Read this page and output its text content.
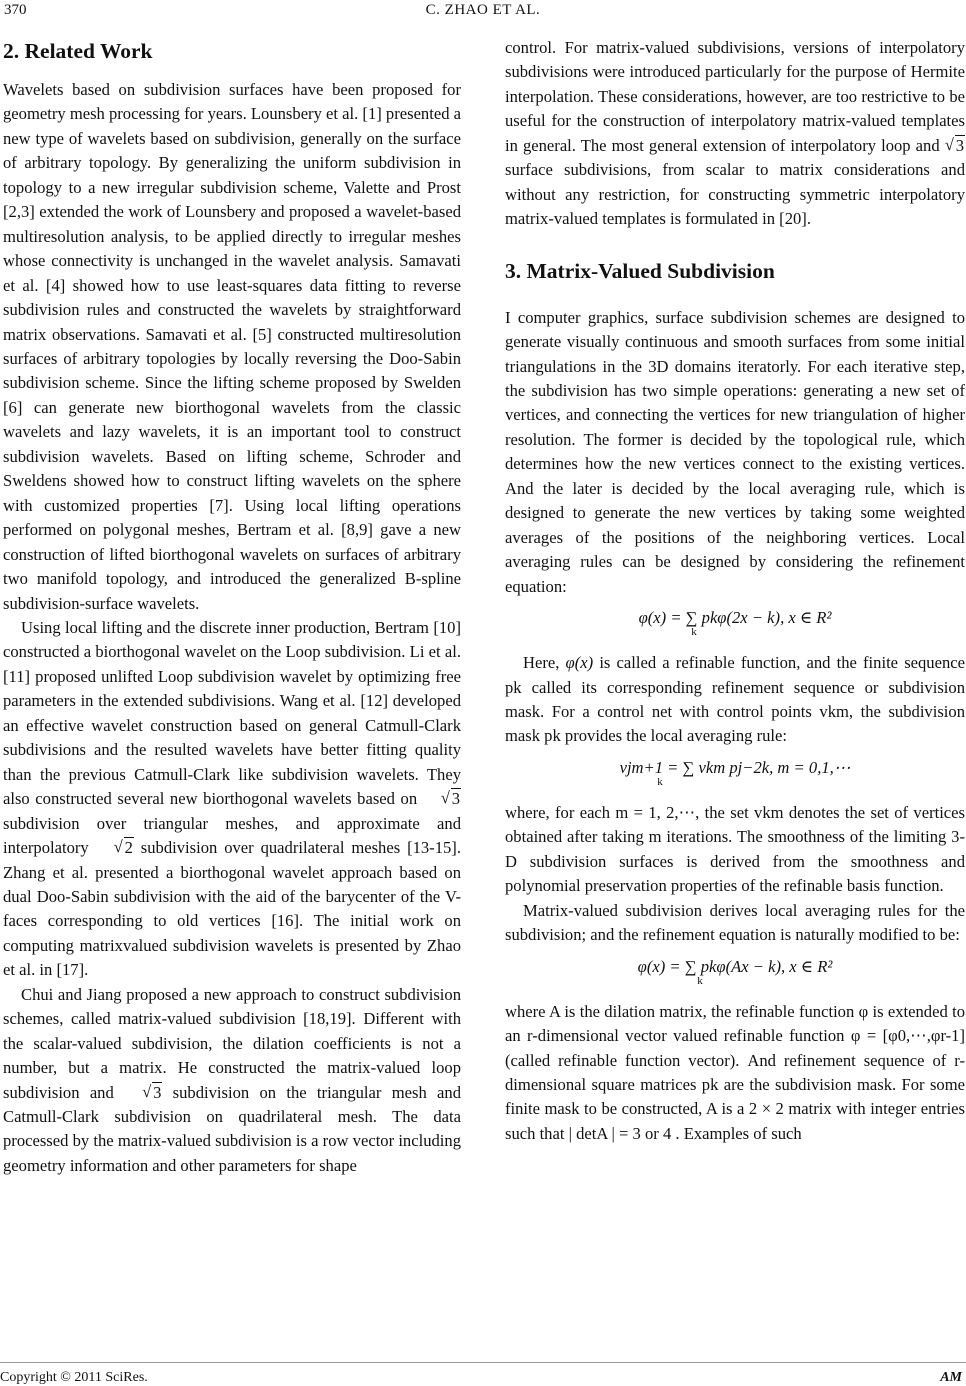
370	C. ZHAO ET AL.
2. Related Work

Wavelets based on subdivision surfaces have been proposed for geometry mesh processing for years. Lounsbery et al. [1] presented a new type of wavelets based on subdivision, generally on the surface of arbitrary topology. By generalizing the uniform subdivision in topology to a new irregular subdivision scheme, Valette and Prost [2,3] extended the work of Lounsbery and proposed a wavelet-based multiresolution analysis, to be applied directly to irregular meshes whose connectivity is unchanged in the wavelet analysis. Samavati et al. [4] showed how to use least-squares data fitting to reverse subdivision rules and constructed the wavelets by straightforward matrix observations. Samavati et al. [5] constructed multiresolution surfaces of arbitrary topologies by locally reversing the Doo-Sabin subdivision scheme. Since the lifting scheme proposed by Swelden [6] can generate new biorthogonal wavelets from the classic wavelets and lazy wavelets, it is an important tool to construct subdivision wavelets. Based on lifting scheme, Schroder and Sweldens showed how to construct lifting wavelets on the sphere with customized properties [7]. Using local lifting operations performed on polygonal meshes, Bertram et al. [8,9] gave a new construction of lifted biorthogonal wavelets on surfaces of arbitrary two manifold topology, and introduced the generalized B-spline subdivision-surface wavelets.

Using local lifting and the discrete inner production, Bertram [10] constructed a biorthogonal wavelet on the Loop subdivision. Li et al. [11] proposed unlifted Loop subdivision wavelet by optimizing free parameters in the extended subdivisions. Wang et al. [12] developed an effective wavelet construction based on general Catmull-Clark subdivisions and the resulted wavelets have better fitting quality than the previous Catmull-Clark like subdivision wavelets. They also constructed several new biorthogonal wavelets based on √ 3 subdivision over triangular meshes, and approximate and interpolatory √ 2 subdivision over quadrilateral meshes [13-15]. Zhang et al. presented a biorthogonal wavelet approach based on dual Doo-Sabin subdivision with the aid of the barycenter of the V-faces corresponding to old vertices [16]. The initial work on computing matrixvalued subdivision wavelets is presented by Zhao et al. in [17].

Chui and Jiang proposed a new approach to construct subdivision schemes, called matrix-valued subdivision [18,19]. Different with the scalar-valued subdivision, the dilation coefficients is not a number, but a matrix. He constructed the matrix-valued loop subdivision and √ 3 subdivision on the triangular mesh and Catmull-Clark subdivision on quadrilateral mesh. The data processed by the matrix-valued subdivision is a row vector including geometry information and other parameters for shape

control. For matrix-valued subdivisions, versions of interpolatory subdivisions were introduced particularly for the purpose of Hermite interpolation. These considerations, however, are too restrictive to be useful for the construction of interpolatory matrix-valued templates in general. The most general extension of interpolatory loop and √ 3 surface subdivisions, from scalar to matrix considerations and without any restriction, for constructing symmetric interpolatory matrix-valued templates is formulated in [20].

3. Matrix-Valued Subdivision

I computer graphics, surface subdivision schemes are designed to generate visually continuous and smooth surfaces from some initial triangulations in the 3D domains iteratorly. For each iterative step, the subdivision has two simple operations: generating a new set of vertices, and connecting the vertices for new triangulation of higher resolution. The former is decided by the topological rule, which determines how the new vertices connect to the existing vertices. And the later is decided by the local averaging rule, which is designed to generate the new vertices by taking some weighted averages of the positions of the neighboring vertices. Local averaging rules can be designed by considering the refinement equation:

φ(x) = ∑ pkφ(2x − k), x ∈ R²
k

Here, φ(x) is called a refinable function, and the finite sequence pk called its corresponding refinement sequence or subdivision mask. For a control net with control points vkm, the subdivision mask pk provides the local averaging rule:

vjm+1 = ∑ vkm pj−2k, m = 0,1,⋯
k

where, for each m = 1, 2,⋯, the set vkm denotes the set of vertices obtained after taking m iterations. The smoothness of the limiting 3-D subdivision surfaces is derived from the smoothness and polynomial preservation properties of the refinable basis function.

Matrix-valued subdivision derives local averaging rules for the subdivision; and the refinement equation is naturally modified to be:

φ(x) = ∑ pkφ(Ax − k), x ∈ R²
k

where A is the dilation matrix, the refinable function φ is extended to an r-dimensional vector valued refinable function φ = [φ0,⋯,φr-1] (called refinable function vector). And refinement sequence of r-dimensional square matrices pk are the subdivision mask. For some finite mask to be constructed, A is a 2 × 2 matrix with integer entries such that | detA | = 3 or 4 . Examples of such

Copyright © 2011 SciRes.	AM
